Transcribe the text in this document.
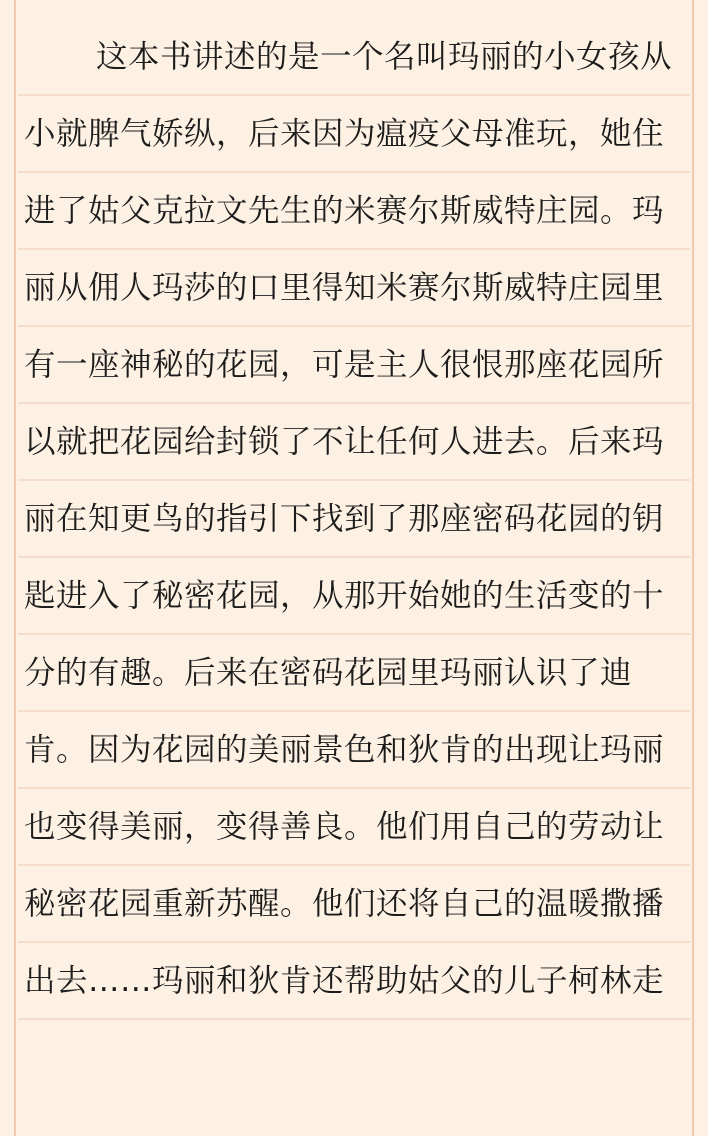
这本书讲述的是一个名叫玛丽的小女孩从
小就脾气娇纵，后来因为瘟疫父母准玩，她住
进了姑父克拉文先生的米赛尔斯威特庄园。玛
丽从佣人玛莎的口里得知米赛尔斯威特庄园里
有一座神秘的花园，可是主人很恨那座花园所
以就把花园给封锁了不让任何人进去。后来玛
丽在知更鸟的指引下找到了那座密码花园的钥
匙进入了秘密花园，从那开始她的生活变的十
分的有趣。后来在密码花园里玛丽认识了迪
肯。因为花园的美丽景色和狄肯的出现让玛丽
也变得美丽，变得善良。他们用自己的劳动让
秘密花园重新苏醒。他们还将自己的温暖撒播
出去……玛丽和狄肯还帮助姑父的儿子柯林走
